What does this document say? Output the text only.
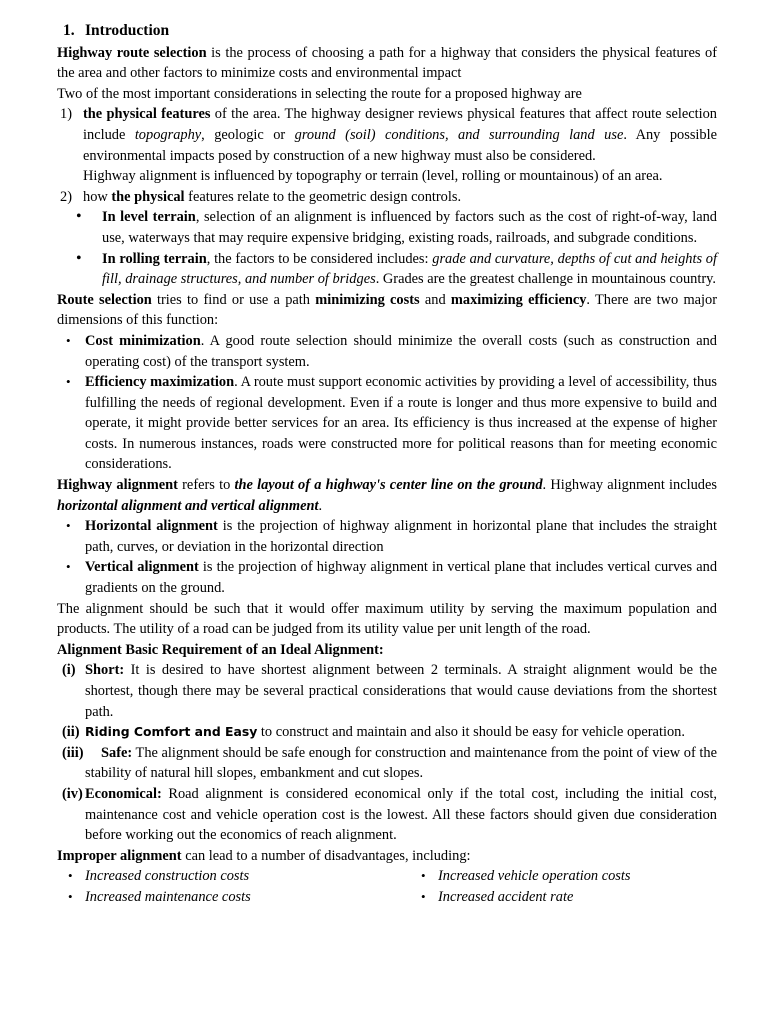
1. Introduction

Highway route selection is the process of choosing a path for a highway that considers the physical features of the area and other factors to minimize costs and environmental impact

Two of the most important considerations in selecting the route for a proposed highway are

1) the physical features of the area. The highway designer reviews physical features that affect route selection include topography, geologic or ground (soil) conditions, and surrounding land use. Any possible environmental impacts posed by construction of a new highway must also be considered.
Highway alignment is influenced by topography or terrain (level, rolling or mountainous) of an area.
2) how the physical features relate to the geometric design controls.
• In level terrain, selection of an alignment is influenced by factors such as the cost of right-of-way, land use, waterways that may require expensive bridging, existing roads, railroads, and subgrade conditions.
• In rolling terrain, the factors to be considered includes: grade and curvature, depths of cut and heights of fill, drainage structures, and number of bridges. Grades are the greatest challenge in mountainous country.

Route selection tries to find or use a path minimizing costs and maximizing efficiency. There are two major dimensions of this function:

• Cost minimization. A good route selection should minimize the overall costs (such as construction and operating cost) of the transport system.
• Efficiency maximization. A route must support economic activities by providing a level of accessibility, thus fulfilling the needs of regional development. Even if a route is longer and thus more expensive to build and operate, it might provide better services for an area. Its efficiency is thus increased at the expense of higher costs. In numerous instances, roads were constructed more for political reasons than for meeting economic considerations.

Highway alignment refers to the layout of a highway's center line on the ground. Highway alignment includes horizontal alignment and vertical alignment.

• Horizontal alignment is the projection of highway alignment in horizontal plane that includes the straight path, curves, or deviation in the horizontal direction
• Vertical alignment is the projection of highway alignment in vertical plane that includes vertical curves and gradients on the ground.

The alignment should be such that it would offer maximum utility by serving the maximum population and products. The utility of a road can be judged from its utility value per unit length of the road.

Alignment Basic Requirement of an Ideal Alignment:

(i) Short: It is desired to have shortest alignment between 2 terminals. A straight alignment would be the shortest, though there may be several practical considerations that would cause deviations from the shortest path.
(ii) Riding Comfort and Easy to construct and maintain and also it should be easy for vehicle operation.
(iii) Safe: The alignment should be safe enough for construction and maintenance from the point of view of the stability of natural hill slopes, embankment and cut slopes.
(iv) Economical: Road alignment is considered economical only if the total cost, including the initial cost, maintenance cost and vehicle operation cost is the lowest. All these factors should given due consideration before working out the economics of reach alignment.

Improper alignment can lead to a number of disadvantages, including:

• Increased construction costs
• Increased maintenance costs
• Increased vehicle operation costs
• Increased accident rate
